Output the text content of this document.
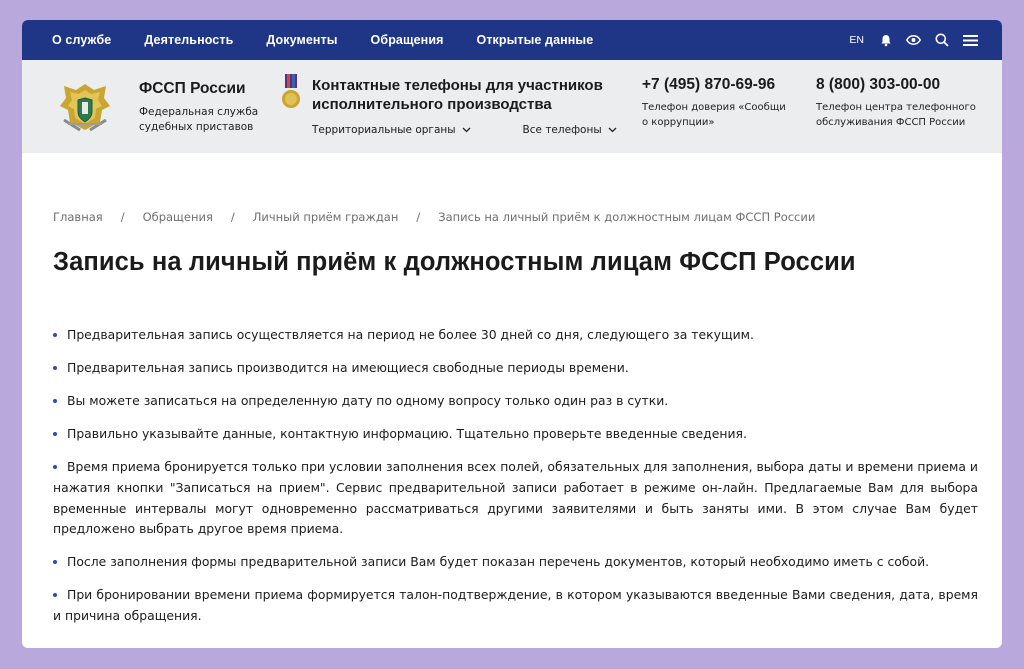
О службе	Деятельность	Документы	Обращения	Открытые данные	EN
ФССП России
Федеральная служба судебных приставов
Контактные телефоны для участников исполнительного производства
Территориальные органы	Все телефоны
+7 (495) 870-69-96
Телефон доверия «Сообщи о коррупции»
8 (800) 303-00-00
Телефон центра телефонного обслуживания ФССП России
Главная / Обращения / Личный приём граждан / Запись на личный приём к должностным лицам ФССП России
Запись на личный приём к должностным лицам ФССП России
Предварительная запись осуществляется на период не более 30 дней со дня, следующего за текущим.
Предварительная запись производится на имеющиеся свободные периоды времени.
Вы можете записаться на определенную дату по одному вопросу только один раз в сутки.
Правильно указывайте данные, контактную информацию. Тщательно проверьте введенные сведения.
Время приема бронируется только при условии заполнения всех полей, обязательных для заполнения, выбора даты и времени приема и нажатия кнопки "Записаться на прием". Сервис предварительной записи работает в режиме он-лайн. Предлагаемые Вам для выбора временные интервалы могут одновременно рассматриваться другими заявителями и быть заняты ими. В этом случае Вам будет предложено выбрать другое время приема.
После заполнения формы предварительной записи Вам будет показан перечень документов, который необходимо иметь с собой.
При бронировании времени приема формируется талон-подтверждение, в котором указываются введенные Вами сведения, дата, время и причина обращения.
